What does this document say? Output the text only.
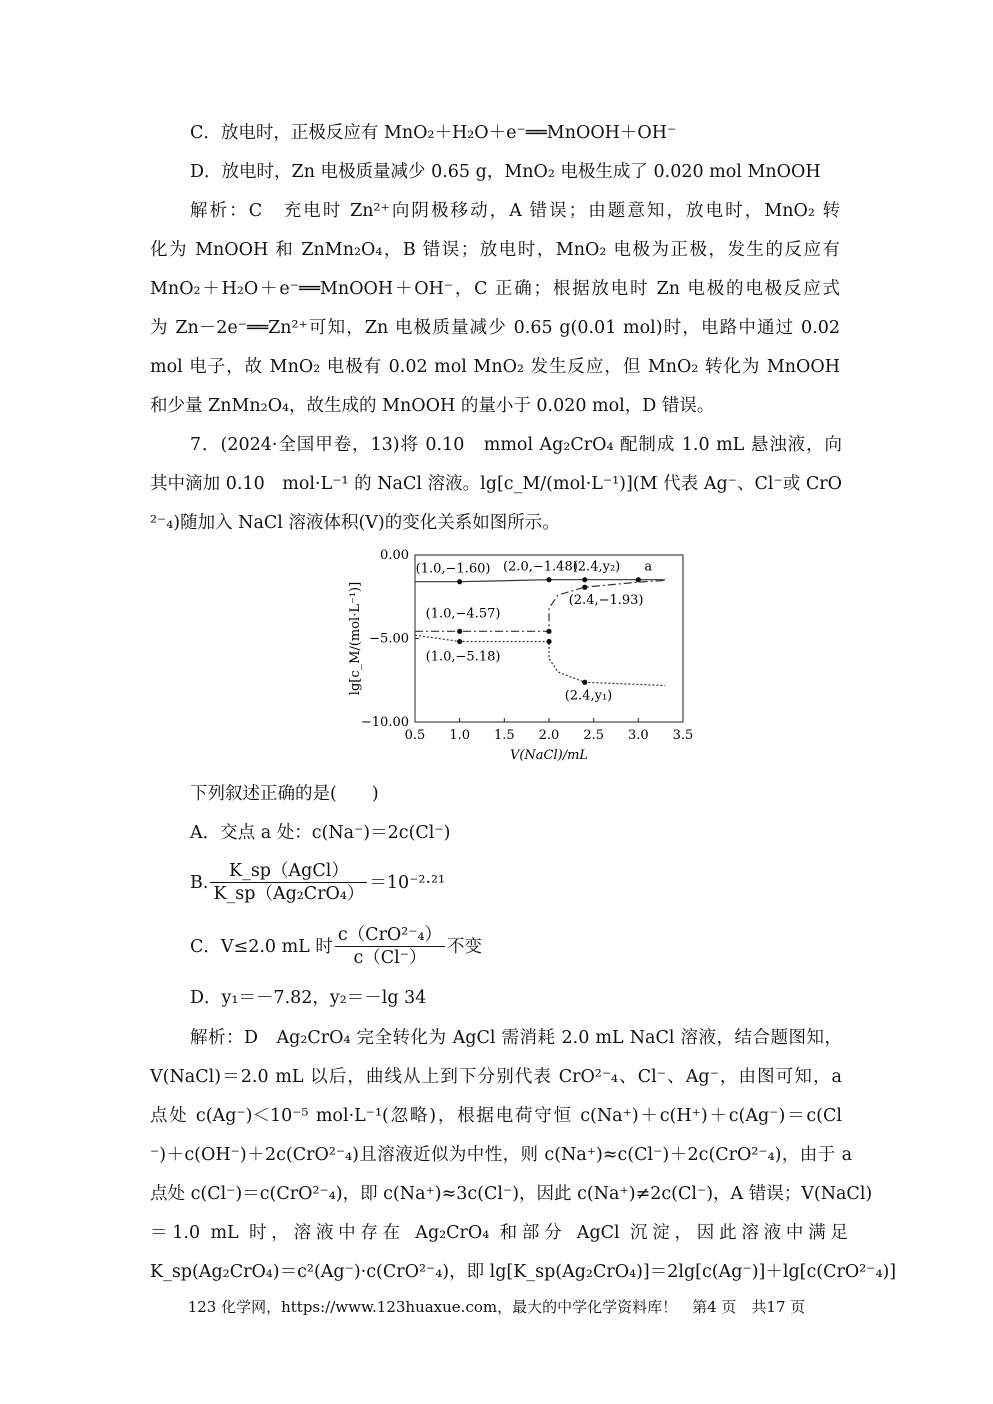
C．放电时，正极反应有 MnO₂＋H₂O＋e⁻══MnOOH＋OH⁻
D．放电时，Zn 电极质量减少 0.65 g，MnO₂ 电极生成了 0.020 mol MnOOH
解析：C　充电时 Zn²⁺向阴极移动，A 错误；由题意知，放电时，MnO₂ 转
化为 MnOOH 和 ZnMn₂O₄，B 错误；放电时，MnO₂ 电极为正极，发生的反应有
MnO₂＋H₂O＋e⁻══MnOOH＋OH⁻，C 正确；根据放电时 Zn 电极的电极反应式
为 Zn－2e⁻══Zn²⁺可知，Zn 电极质量减少 0.65 g(0.01 mol)时，电路中通过 0.02
mol 电子，故 MnO₂ 电极有 0.02 mol MnO₂ 发生反应，但 MnO₂ 转化为 MnOOH
和少量 ZnMn₂O₄，故生成的 MnOOH 的量小于 0.020 mol，D 错误。
7．(2024·全国甲卷，13)将 0.10　mmol Ag₂CrO₄ 配制成 1.0 mL 悬浊液，向
其中滴加 0.10　mol·L⁻¹ 的 NaCl 溶液。lg[c_M/(mol·L⁻¹)](M 代表 Ag⁻、Cl⁻或 CrO
²⁻₄)随加入 NaCl 溶液体积(V)的变化关系如图所示。
0.5 1.0 1.5 2.0 2.5 3.0 3.5
0.00
−5.00
−10.00
V(NaCl)/mL
lg[c_M/(mol·L⁻¹)]
(1.0,−1.60) (2.0,−1.48)
(2.4,y₂) a
(2.4,−1.93)
(1.0,−4.57)
(1.0,−5.18)
(2.4,y₁)
下列叙述正确的是(　　)
A．交点 a 处：c(Na⁻)＝2c(Cl⁻)
B. $\frac{\text{K\_sp（AgCl）}}{\text{K\_sp（Ag₂CrO₄）}} =10^{-2}\cdot^{21}$
C．V≤2.0 mL 时 $\frac{\text{c（CrO²⁻₄）}}{c(Cl^-)}$ 不变
D．y₁＝－7.82，y₂＝－lg 34
解析：D　Ag₂CrO₄ 完全转化为 AgCl 需消耗 2.0 mL NaCl 溶液，结合题图知，
V(NaCl)＝2.0 mL 以后，曲线从上到下分别代表 CrO²⁻₄、Cl⁻、Ag⁻，由图可知，a
点处 c(Ag⁻)＜10⁻⁵ mol·L⁻¹(忽略)，根据电荷守恒 c(Na⁺)＋c(H⁺)＋c(Ag⁻)＝c(Cl
⁻)＋c(OH⁻)＋2c(CrO²⁻₄)且溶液近似为中性，则 c(Na⁺)≈c(Cl⁻)＋2c(CrO²⁻₄)，由于 a
点处 c(Cl⁻)＝c(CrO²⁻₄)，即 c(Na⁺)≈3c(Cl⁻)，因此 c(Na⁺)≠2c(Cl⁻)，A 错误；V(NaCl)
＝1.0 mL 时，溶液中存在 Ag₂CrO₄ 和部分 AgCl 沉淀，因此溶液中满足
K_sp(Ag₂CrO₄)＝c²(Ag⁻)·c(CrO²⁻₄)，即 lg[K_sp(Ag₂CrO₄)]＝2lg[c(Ag⁻)]＋lg[c(CrO²⁻₄)]
123 化学网，https://www.123huaxue.com，最大的中学化学资料库！　第4 页　共17 页
